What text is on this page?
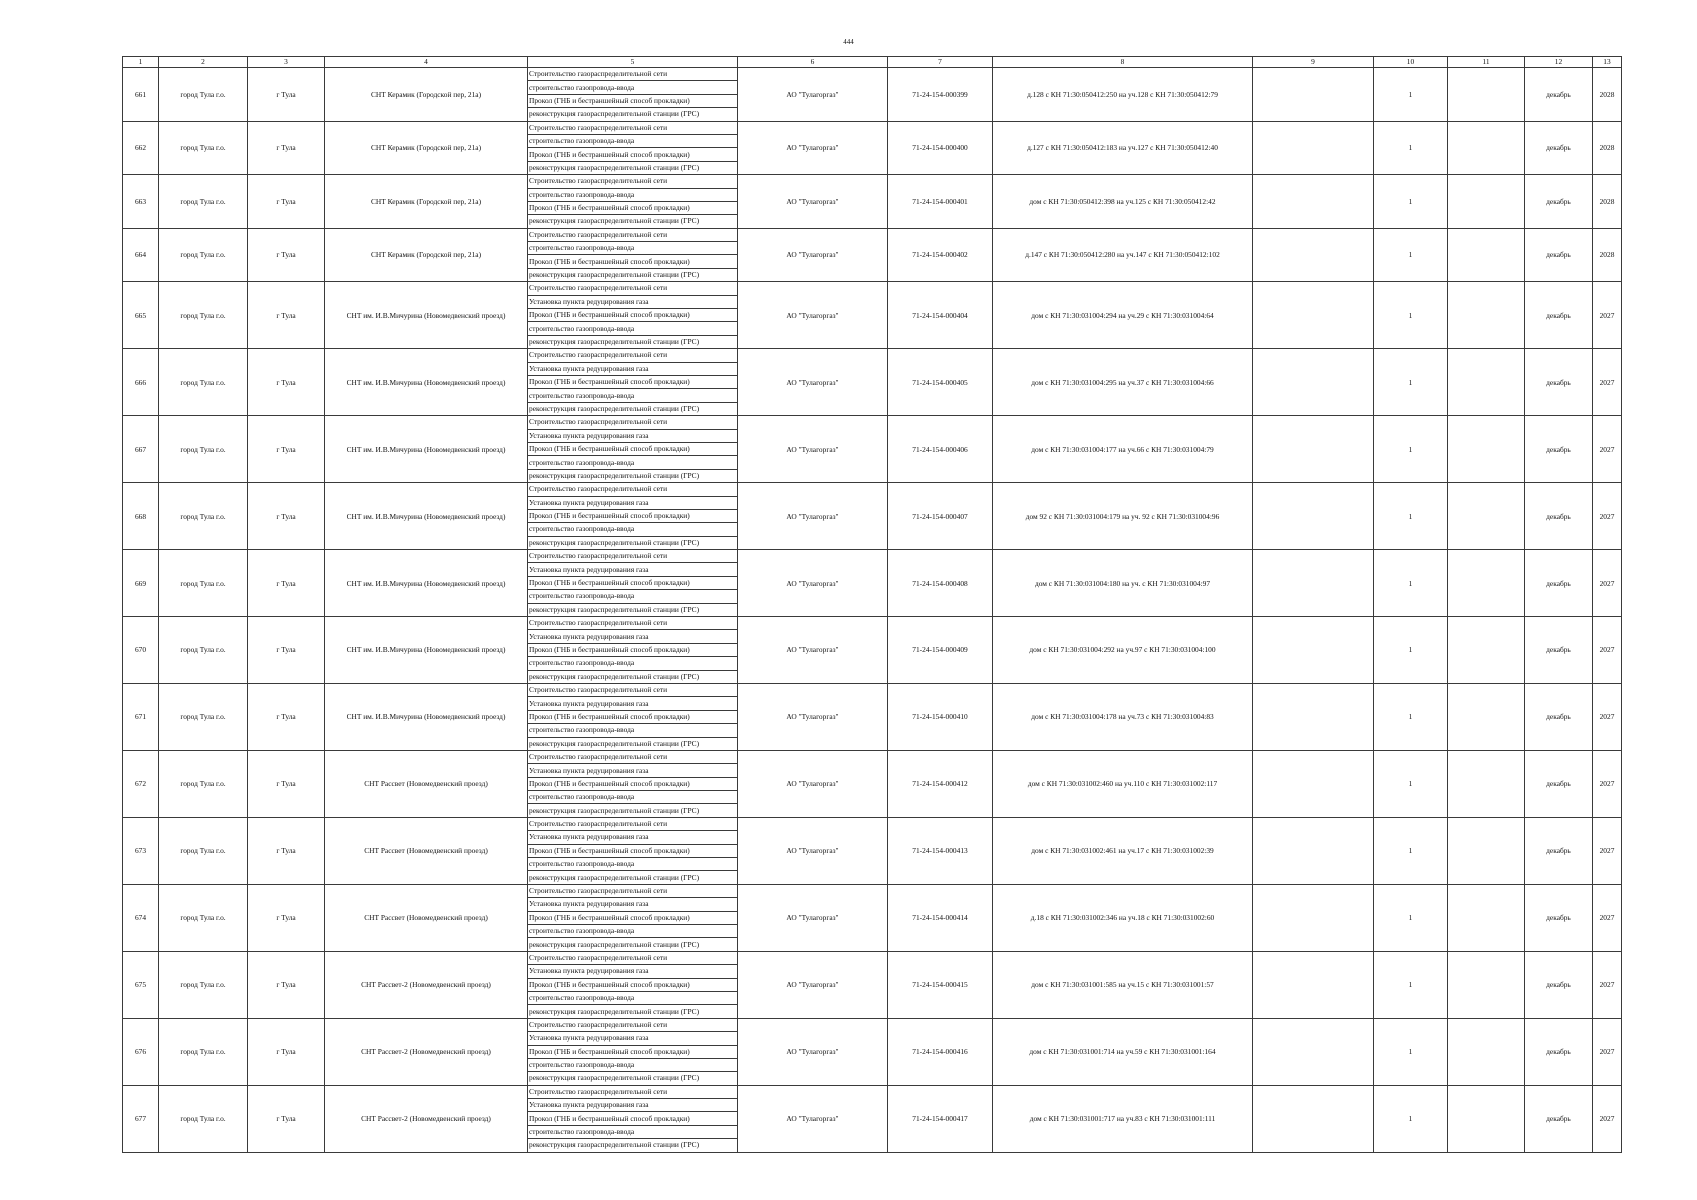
444
1	2	3	4	5	6	7	8	9	10	11	12	13
661	город Тула г.о.	г Тула	СНТ Керамик (Городской пер, 21а)	Строительство газораспределительной сети	АО "Тулагоргаз"	71-24-154-000399	д.128 с КН 71:30:050412:250 на уч.128 с КН 71:30:050412:79		1		декабрь	2028
				строительство газопровода-ввода								
				Прокол (ГНБ и бестраншейный способ прокладки)								
				реконструкция газораспределительной станции (ГРС)								
662	город Тула г.о.	г Тула	СНТ Керамик (Городской пер, 21а)	Строительство газораспределительной сети	АО "Тулагоргаз"	71-24-154-000400	д.127 с КН 71:30:050412:183 на уч.127 с КН 71:30:050412:40		1		декабрь	2028
				строительство газопровода-ввода								
				Прокол (ГНБ и бестраншейный способ прокладки)								
				реконструкция газораспределительной станции (ГРС)								
663	город Тула г.о.	г Тула	СНТ Керамик (Городской пер, 21а)	Строительство газораспределительной сети	АО "Тулагоргаз"	71-24-154-000401	дом с КН 71:30:050412:398 на уч.125 с КН 71:30:050412:42		1		декабрь	2028
				строительство газопровода-ввода								
				Прокол (ГНБ и бестраншейный способ прокладки)								
				реконструкция газораспределительной станции (ГРС)								
664	город Тула г.о.	г Тула	СНТ Керамик (Городской пер, 21а)	Строительство газораспределительной сети	АО "Тулагоргаз"	71-24-154-000402	д.147 с КН 71:30:050412:280 на уч.147 с КН 71:30:050412:102		1		декабрь	2028
				строительство газопровода-ввода								
				Прокол (ГНБ и бестраншейный способ прокладки)								
				реконструкция газораспределительной станции (ГРС)								
665	город Тула г.о.	г Тула	СНТ им. И.В.Мичурина (Новомедвенский проезд)	Строительство газораспределительной сети	АО "Тулагоргаз"	71-24-154-000404	дом с КН 71:30:031004:294 на уч.29 с КН 71:30:031004:64		1		декабрь	2027
				Установка пункта редуцирования газа								
				Прокол (ГНБ и бестраншейный способ прокладки)								
				строительство газопровода-ввода								
				реконструкция газораспределительной станции (ГРС)								
666	город Тула г.о.	г Тула	СНТ им. И.В.Мичурина (Новомедвенский проезд)	Строительство газораспределительной сети	АО "Тулагоргаз"	71-24-154-000405	дом с КН 71:30:031004:295 на уч.37 с КН 71:30:031004:66		1		декабрь	2027
				Установка пункта редуцирования газа								
				Прокол (ГНБ и бестраншейный способ прокладки)								
				строительство газопровода-ввода								
				реконструкция газораспределительной станции (ГРС)								
667	город Тула г.о.	г Тула	СНТ им. И.В.Мичурина (Новомедвенский проезд)	Строительство газораспределительной сети	АО "Тулагоргаз"	71-24-154-000406	дом с КН 71:30:031004:177 на уч.66 с КН 71:30:031004:79		1		декабрь	2027
				Установка пункта редуцирования газа								
				Прокол (ГНБ и бестраншейный способ прокладки)								
				строительство газопровода-ввода								
				реконструкция газораспределительной станции (ГРС)								
668	город Тула г.о.	г Тула	СНТ им. И.В.Мичурина (Новомедвенский проезд)	Строительство газораспределительной сети	АО "Тулагоргаз"	71-24-154-000407	дом 92 с КН 71:30:031004:179 на уч. 92 с КН 71:30:031004:96		1		декабрь	2027
				Установка пункта редуцирования газа								
				Прокол (ГНБ и бестраншейный способ прокладки)								
				строительство газопровода-ввода								
				реконструкция газораспределительной станции (ГРС)								
669	город Тула г.о.	г Тула	СНТ им. И.В.Мичурина (Новомедвенский проезд)	Строительство газораспределительной сети	АО "Тулагоргаз"	71-24-154-000408	дом с КН 71:30:031004:180 на уч. с КН 71:30:031004:97		1		декабрь	2027
				Установка пункта редуцирования газа								
				Прокол (ГНБ и бестраншейный способ прокладки)								
				строительство газопровода-ввода								
				реконструкция газораспределительной станции (ГРС)								
670	город Тула г.о.	г Тула	СНТ им. И.В.Мичурина (Новомедвенский проезд)	Строительство газораспределительной сети	АО "Тулагоргаз"	71-24-154-000409	дом с КН 71:30:031004:292 на уч.97 с КН 71:30:031004:100		1		декабрь	2027
				Установка пункта редуцирования газа								
				Прокол (ГНБ и бестраншейный способ прокладки)								
				строительство газопровода-ввода								
				реконструкция газораспределительной станции (ГРС)								
671	город Тула г.о.	г Тула	СНТ им. И.В.Мичурина (Новомедвенский проезд)	Строительство газораспределительной сети	АО "Тулагоргаз"	71-24-154-000410	дом с КН 71:30:031004:178 на уч.73 с КН 71:30:031004:83		1		декабрь	2027
				Установка пункта редуцирования газа								
				Прокол (ГНБ и бестраншейный способ прокладки)								
				строительство газопровода-ввода								
				реконструкция газораспределительной станции (ГРС)								
672	город Тула г.о.	г Тула	СНТ Рассвет (Новомедвенский проезд)	Строительство газораспределительной сети	АО "Тулагоргаз"	71-24-154-000412	дом с КН 71:30:031002:460 на уч.110 с КН 71:30:031002:117		1		декабрь	2027
				Установка пункта редуцирования газа								
				Прокол (ГНБ и бестраншейный способ прокладки)								
				строительство газопровода-ввода								
				реконструкция газораспределительной станции (ГРС)								
673	город Тула г.о.	г Тула	СНТ Рассвет (Новомедвенский проезд)	Строительство газораспределительной сети	АО "Тулагоргаз"	71-24-154-000413	дом с КН 71:30:031002:461 на уч.17 с КН 71:30:031002:39		1		декабрь	2027
				Установка пункта редуцирования газа								
				Прокол (ГНБ и бестраншейный способ прокладки)								
				строительство газопровода-ввода								
				реконструкция газораспределительной станции (ГРС)								
674	город Тула г.о.	г Тула	СНТ Рассвет (Новомедвенский проезд)	Строительство газораспределительной сети	АО "Тулагоргаз"	71-24-154-000414	д.18 с КН 71:30:031002:346 на уч.18 с КН 71:30:031002:60		1		декабрь	2027
				Установка пункта редуцирования газа								
				Прокол (ГНБ и бестраншейный способ прокладки)								
				строительство газопровода-ввода								
				реконструкция газораспределительной станции (ГРС)								
675	город Тула г.о.	г Тула	СНТ Рассвет-2 (Новомедвенский проезд)	Строительство газораспределительной сети	АО "Тулагоргаз"	71-24-154-000415	дом с КН 71:30:031001:585 на уч.15 с КН 71:30:031001:57		1		декабрь	2027
				Установка пункта редуцирования газа								
				Прокол (ГНБ и бестраншейный способ прокладки)								
				строительство газопровода-ввода								
				реконструкция газораспределительной станции (ГРС)								
676	город Тула г.о.	г Тула	СНТ Рассвет-2 (Новомедвенский проезд)	Строительство газораспределительной сети	АО "Тулагоргаз"	71-24-154-000416	дом с КН 71:30:031001:714 на уч.59 с КН 71:30:031001:164		1		декабрь	2027
				Установка пункта редуцирования газа								
				Прокол (ГНБ и бестраншейный способ прокладки)								
				строительство газопровода-ввода								
				реконструкция газораспределительной станции (ГРС)								
677	город Тула г.о.	г Тула	СНТ Рассвет-2 (Новомедвенский проезд)	Строительство газораспределительной сети	АО "Тулагоргаз"	71-24-154-000417	дом с КН 71:30:031001:717 на уч.83 с КН 71:30:031001:111		1		декабрь	2027
				Установка пункта редуцирования газа								
				Прокол (ГНБ и бестраншейный способ прокладки)								
				строительство газопровода-ввода								
				реконструкция газораспределительной станции (ГРС)								
